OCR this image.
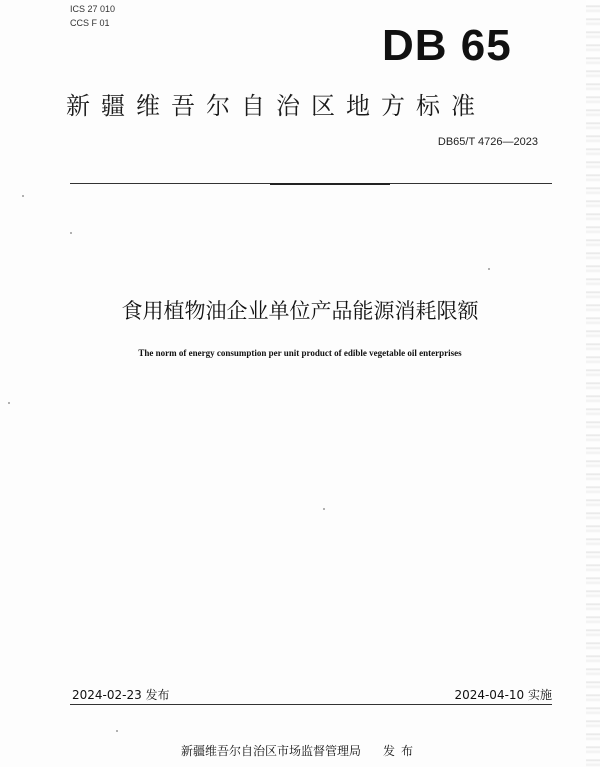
ICS 27 010
CCS F 01	DB 65
新疆维吾尔自治区地方标准
DB65/T 4726—2023
食用植物油企业单位产品能源消耗限额
The norm of energy consumption per unit product of edible vegetable oil enterprises
2024-02-23 发布	2024-04-10 实施
新疆维吾尔自治区市场监督管理局 发布
